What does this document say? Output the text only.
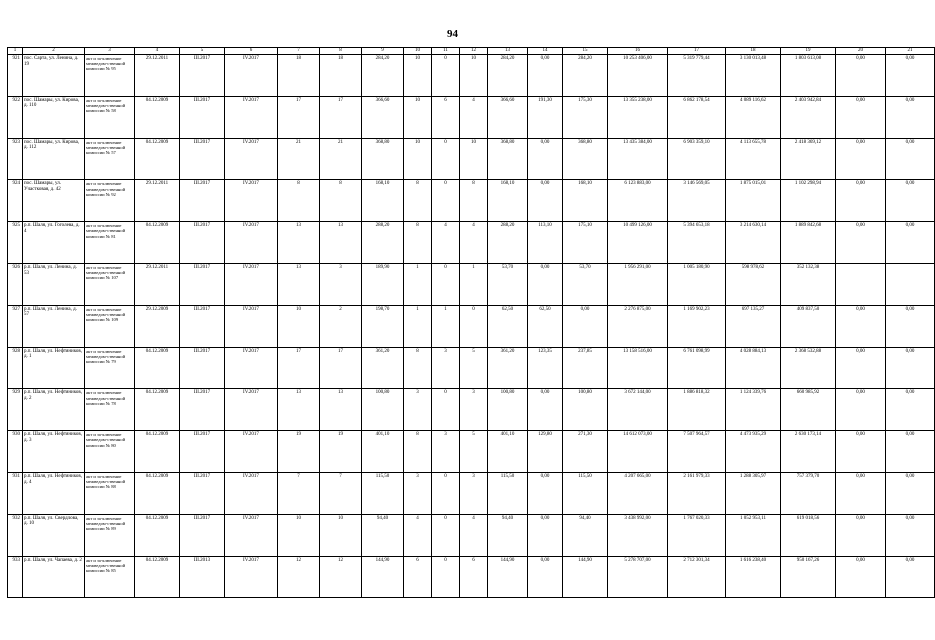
94
1	2	3	4	5	6	7	8	9	10	11	12	13	14	15	16	17	18	19	20	21
921	пос. Сарта, ул. Ленина, д. 19	акт и за-ключение межведом-ственной комиссии № 95	29.12.2011	III.2017	IV.2017	18	18	284,20	10	0	10	284,20	0,00	284,20	10 253 406,00	5 319 779,44	3 130 013,48	1 803 613,08	0,00	0,00
922	пос. Шамары, ул. Кирова, д. 110	акт и за-ключение межведом-ственной комиссии № 58	04.12.2009	III.2017	IV.2017	17	17	366,60	10	6	4	366,60	191,30	175,30	13 355 238,00	6 862 178,54	4 089 116,62	2 403 942,84	0,00	0,00
923	пос. Шамары, ул. Кирова, д. 112	акт и за-ключение межведом-ственной комиссии № 57	04.12.2009	III.2017	IV.2017	21	21	368,80	10	0	10	368,80	0,00	368,80	13 435 384,00	6 903 359,10	4 113 655,78	2 418 369,12	0,00	0,00
924	пос. Шамары, ул. Участковая, д. 42	акт и за-ключение межведом-ственной комиссии № 92	29.12.2011	III.2017	IV.2017	8	8	168,10	8	0	8	168,10	0,00	168,10	6 123 883,00	3 146 569,05	1 875 015,01	1 102 298,94	0,00	0,00
925	р.п. Шаля, ул. Гоголева, д. 4	акт и за-ключение межведом-ственной комиссии № 81	04.12.2009	III.2017	IV.2017	13	13	288,20	8	4	4	288,20	113,10	175,10	10 499 126,00	5 394 653,18	3 214 630,14	1 889 842,68	0,00	0,00
926	р.п. Шаля, ул. Ленина, д. 53	акт и за-ключение межведом-ственной комиссии № 107	29.12.2011	III.2017	IV.2017	13	3	189,90	1	0	1	53,70	0,00	53,70	1 956 291,00	1 005 180,90	598 978,62	352 132,38		
927	р.п. Шаля, ул. Ленина, д. 57	акт и за-ключение межведом-ственной комиссии № 109	29.12.2009	III.2017	IV.2017	10	2	198,70	1	1	0	62,50	62,50	0,00	2 276 875,00	1 169 902,23	697 135,27	409 837,50	0,00	0,00
928	р.п. Шаля, ул. Нефтяников, д. 1	акт и за-ключение межведом-ственной комиссии № 79	04.12.2009	III.2017	IV.2017	17	17	361,20	8	3	5	361,20	123,35	237,85	13 158 516,00	6 761 098,99	4 028 884,13	2 368 532,88	0,00	0,00
929	р.п. Шаля, ул. Нефтяников, д. 2	акт и за-ключение межведом-ственной комиссии № 78	04.12.2009	III.2017	IV.2017	13	13	100,80	3	0	3	100,80	0,00	100,80	3 672 144,00	1 886 818,32	1 124 339,76	660 985,92	0,00	0,00
930	р.п. Шаля, ул. Нефтяников, д. 3	акт и за-ключение межведом-ственной комиссии № 80	04.12.2009	III.2017	IV.2017	19	19	401,10	8	3	5	401,10	129,80	271,30	14 612 073,00	7 507 964,57	4 473 935,29	2 630 173,14	0,00	0,00
931	р.п. Шаля, ул. Нефтяников, д. 4	акт и за-ключение межведом-ственной комиссии № 88	04.12.2009	III.2017	IV.2017	7	7	115,50	3	0	3	115,50	0,00	115,50	4 207 665,00	2 161 979,33	1 288 305,97	757 379,70	0,00	0,00
932	р.п. Шаля, ул. Свердлова, д. 10	акт и за-ключение межведом-ственной комиссии № 89	04.12.2009	III.2017	IV.2017	10	10	94,40	4	0	4	94,40	0,00	94,40	3 438 992,00	1 767 020,33	1 052 953,11	619 018,56	0,00	0,00
933	р.п. Шаля, ул. Чапаева, д. 2	акт и за-ключение межведом-ственной комиссии № 85	04.12.2009	III.2013	IV.2017	12	12	144,90	6	0	6	144,90	0,00	144,90	5 278 707,00	2 712 301,34	1 616 238,40	950 167,26	0,00	0,00
